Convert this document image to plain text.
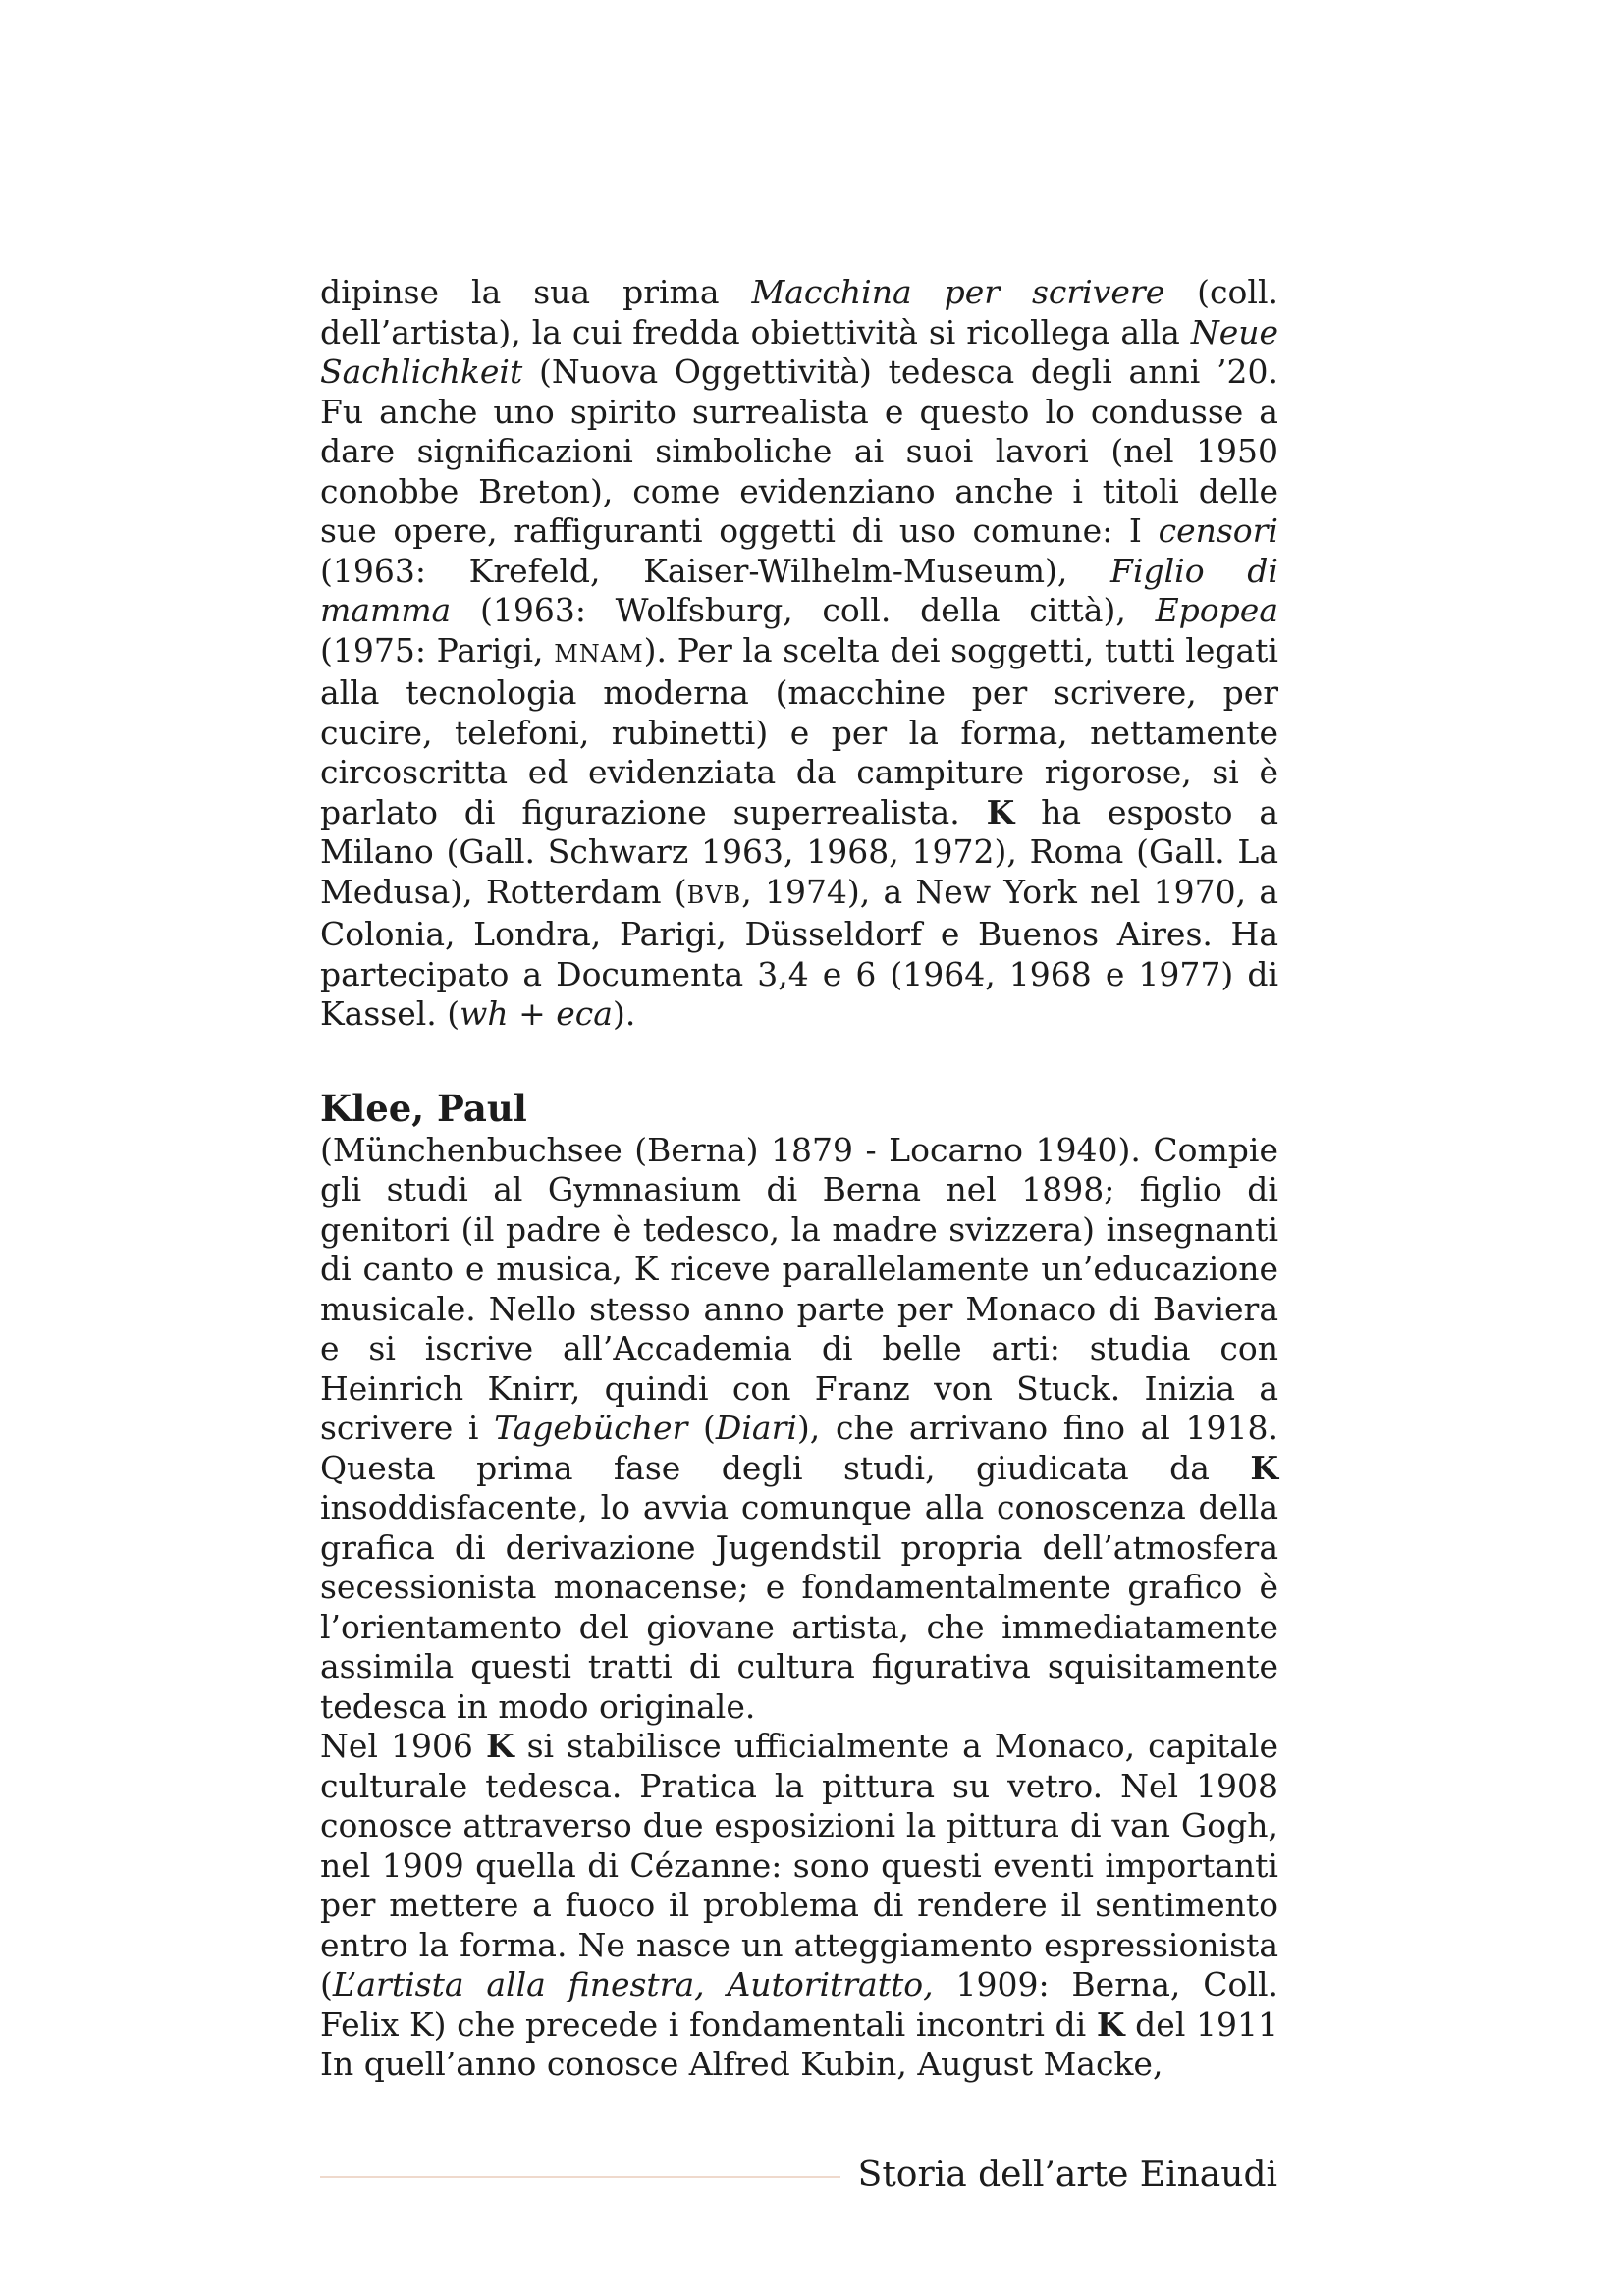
dipinse la sua prima Macchina per scrivere (coll. dell’artista), la cui fredda obiettività si ricollega alla Neue Sachlichkeit (Nuova Oggettività) tedesca degli anni ’20. Fu anche uno spirito surrealista e questo lo condusse a dare significazioni simboliche ai suoi lavori (nel 1950 conobbe Breton), come evidenziano anche i titoli delle sue opere, raffiguranti oggetti di uso comune: I censori (1963: Krefeld, Kaiser-Wilhelm-Museum), Figlio di mamma (1963: Wolfsburg, coll. della città), Epopea (1975: Parigi, MNAM). Per la scelta dei soggetti, tutti legati alla tecnologia moderna (macchine per scrivere, per cucire, telefoni, rubinetti) e per la forma, nettamente circoscritta ed evidenziata da campiture rigorose, si è parlato di figurazione superrealista. K ha esposto a Milano (Gall. Schwarz 1963, 1968, 1972), Roma (Gall. La Medusa), Rotterdam (BVB, 1974), a New York nel 1970, a Colonia, Londra, Parigi, Düsseldorf e Buenos Aires. Ha partecipato a Documenta 3,4 e 6 (1964, 1968 e 1977) di Kassel. (wh + eca).

Klee, Paul

(Münchenbuchsee (Berna) 1879 - Locarno 1940). Compie gli studi al Gymnasium di Berna nel 1898; figlio di genitori (il padre è tedesco, la madre svizzera) insegnanti di canto e musica, K riceve parallelamente un’educazione musicale. Nello stesso anno parte per Monaco di Baviera e si iscrive all’Accademia di belle arti: studia con Heinrich Knirr, quindi con Franz von Stuck. Inizia a scrivere i Tagebücher (Diari), che arrivano fino al 1918. Questa prima fase degli studi, giudicata da K insoddisfacente, lo avvia comunque alla conoscenza della grafica di derivazione Jugendstil propria dell’atmosfera secessionista monacense; e fondamentalmente grafico è l’orientamento del giovane artista, che immediatamente assimila questi tratti di cultura figurativa squisitamente tedesca in modo originale.

Nel 1906 K si stabilisce ufficialmente a Monaco, capitale culturale tedesca. Pratica la pittura su vetro. Nel 1908 conosce attraverso due esposizioni la pittura di van Gogh, nel 1909 quella di Cézanne: sono questi eventi importanti per mettere a fuoco il problema di rendere il sentimento entro la forma. Ne nasce un atteggiamento espressionista (L’artista alla finestra, Autoritratto, 1909: Berna, Coll. Felix K) che precede i fondamentali incontri di K del 1911 In quell’anno conosce Alfred Kubin, August Macke,

Storia dell’arte Einaudi
